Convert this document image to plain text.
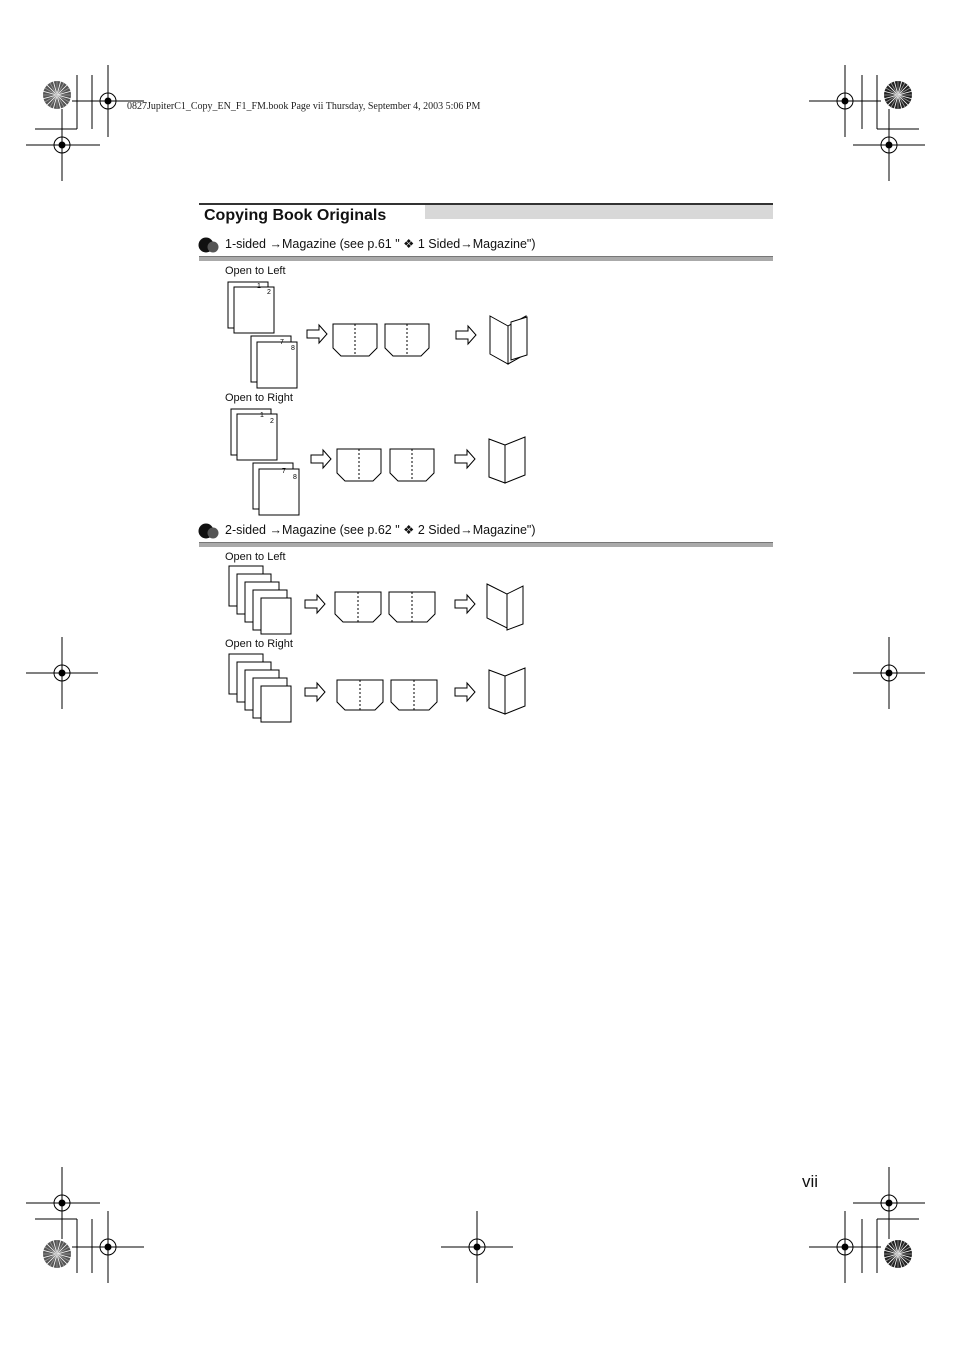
0827JupiterC1_Copy_EN_F1_FM.book Page vii Thursday, September 4, 2003 5:06 PM
Copying Book Originals
1-sided →Magazine (see p.61 " ❖ 1 Sided→Magazine")
Open to Left
Open to Right
2-sided →Magazine (see p.62 " ❖ 2 Sided→Magazine")
Open to Left
Open to Right
1
2
7
8
1
2
7
8
vii
